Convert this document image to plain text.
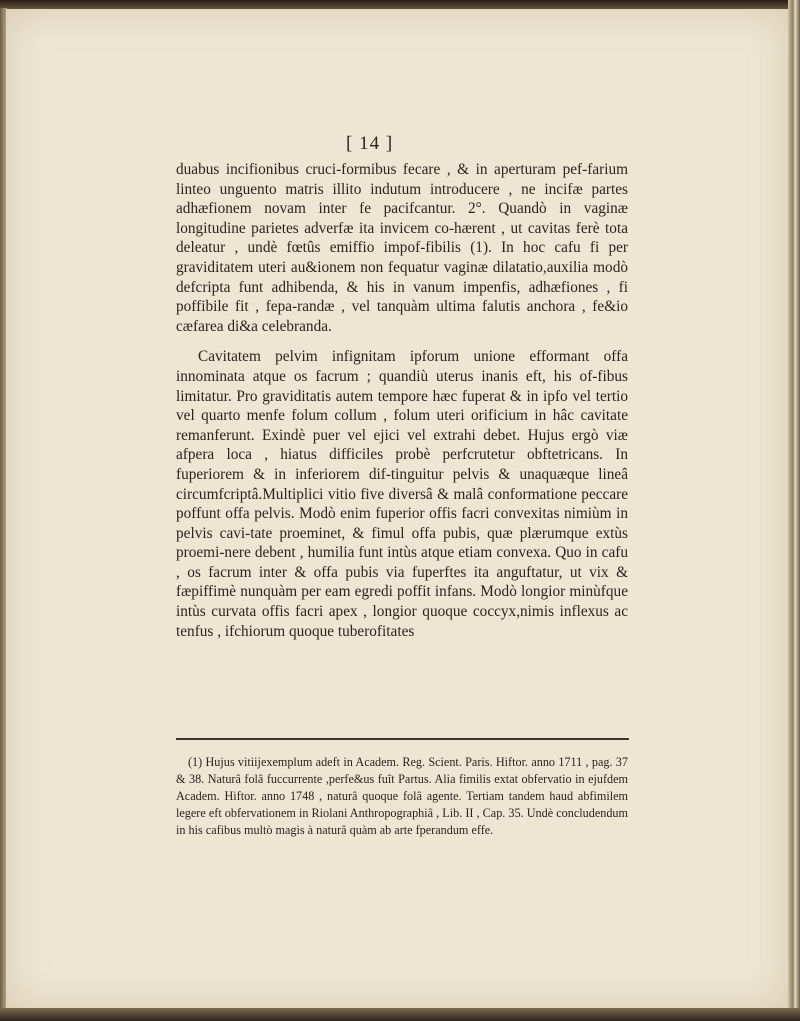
[ 14 ]

duabus incifionibus cruci-formibus fecare , & in aperturam pef-farium linteo unguento matris illito indutum introducere , ne incifæ partes adhæfionem novam inter fe pacifcantur. 2°. Quandò in vaginæ longitudine parietes adverfæ ita invicem co-hærent , ut cavitas ferè tota deleatur , undè fœtûs emiffio impof-fibilis (1). In hoc cafu fi per graviditatem uteri au&ionem non fequatur vaginæ dilatatio,auxilia modò defcripta funt adhibenda, & his in vanum impenfis, adhæfiones , fi poffibile fit , fepa-randæ , vel tanquàm ultima falutis anchora , fe&io cæfarea di&a celebranda.

Cavitatem pelvim infignitam ipforum unione efformant offa innominata atque os facrum ; quandiù uterus inanis eft, his of-fibus limitatur. Pro graviditatis autem tempore hæc fuperat & in ipfo vel tertio vel quarto menfe folum collum , folum uteri orificium in hâc cavitate remanferunt. Exindè puer vel ejici vel extrahi debet. Hujus ergò viæ afpera loca , hiatus difficiles probè perfcrutetur obftetricans. In fuperiorem & in inferiorem dif-tinguitur pelvis & unaquæque lineâ circumfcriptâ.Multiplici vitio five diversâ & malâ conformatione peccare poffunt offa pelvis. Modò enim fuperior offis facri convexitas nimiùm in pelvis cavi-tate proeminet, & fimul offa pubis, quæ plærumque extùs proemi-nere debent , humilia funt intùs atque etiam convexa. Quo in cafu , os facrum inter & offa pubis via fuperftes ita anguftatur, ut vix & fæpiffimè nunquàm per eam egredi poffit infans. Modò longior minùfque intùs curvata offis facri apex , longior quoque coccyx,nimis inflexus ac tenfus , ifchiorum quoque tuberofitates

(1) Hujus vitiijexemplum adeft in Academ. Reg. Scient. Paris. Hiftor. anno 1711 , pag. 37 & 38. Naturâ folâ fuccurrente ,perfe&us fuît Partus. Alia fimilis extat obfervatio in ejufdem Academ. Hiftor. anno 1748 , naturâ quoque folâ agente. Tertiam tandem haud abfimilem legere eft obfervationem in Riolani Anthropographiâ , Lib. II , Cap. 35. Undè concludendum in his cafibus multò magis à naturâ quàm ab arte fperandum effe.
